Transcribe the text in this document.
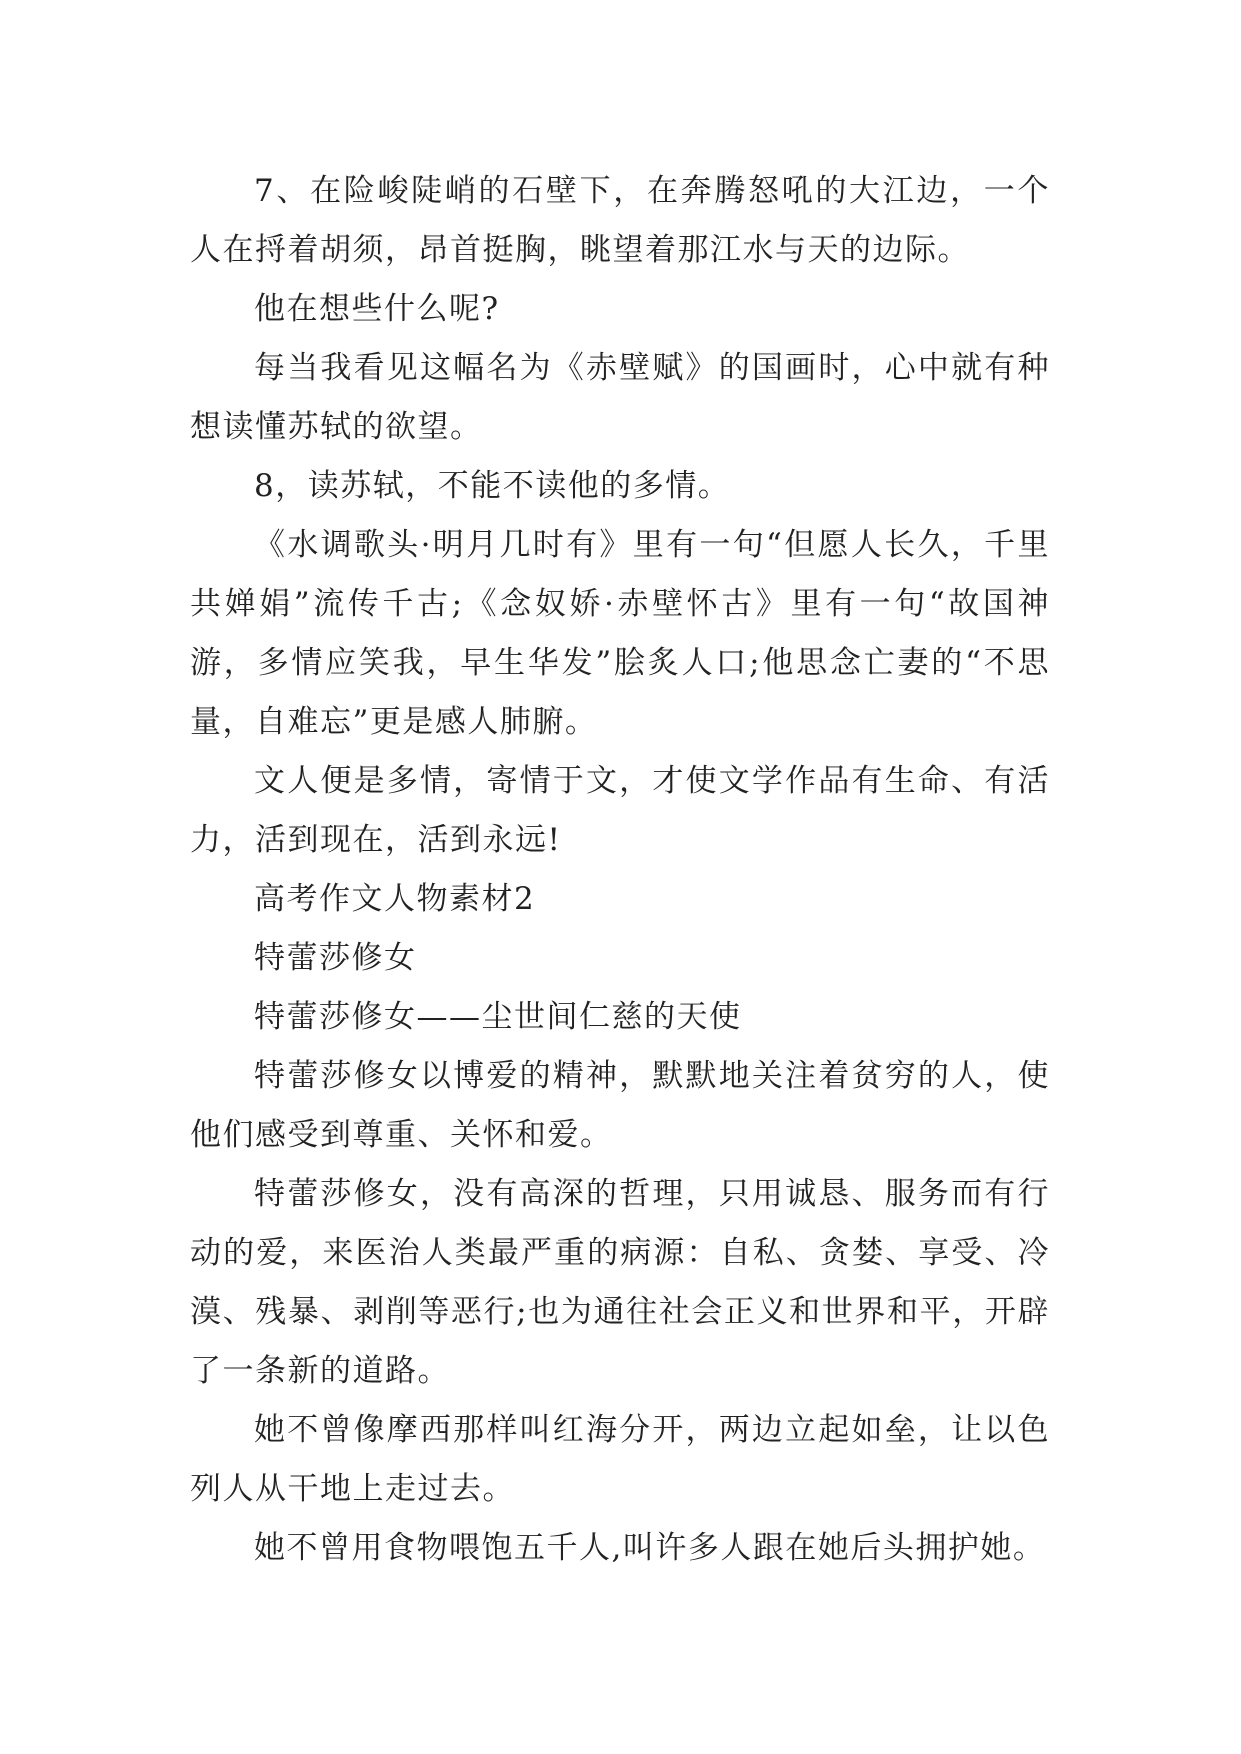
7、在险峻陡峭的石壁下，在奔腾怒吼的大江边，一个人在捋着胡须，昂首挺胸，眺望着那江水与天的边际。

他在想些什么呢?

每当我看见这幅名为《赤壁赋》的国画时，心中就有种想读懂苏轼的欲望。

8，读苏轼，不能不读他的多情。

《水调歌头·明月几时有》里有一句“但愿人长久，千里共婵娟”流传千古;《念奴娇·赤壁怀古》里有一句“故国神游，多情应笑我，早生华发”脍炙人口;他思念亡妻的“不思量，自难忘”更是感人肺腑。

文人便是多情，寄情于文，才使文学作品有生命、有活力，活到现在，活到永远!

高考作文人物素材2

特蕾莎修女

特蕾莎修女——尘世间仁慈的天使

特蕾莎修女以博爱的精神，默默地关注着贫穷的人，使他们感受到尊重、关怀和爱。

特蕾莎修女，没有高深的哲理，只用诚恳、服务而有行动的爱，来医治人类最严重的病源：自私、贪婪、享受、冷漠、残暴、剥削等恶行;也为通往社会正义和世界和平，开辟了一条新的道路。

她不曾像摩西那样叫红海分开，两边立起如垒，让以色列人从干地上走过去。

她不曾用食物喂饱五千人,叫许多人跟在她后头拥护她。
